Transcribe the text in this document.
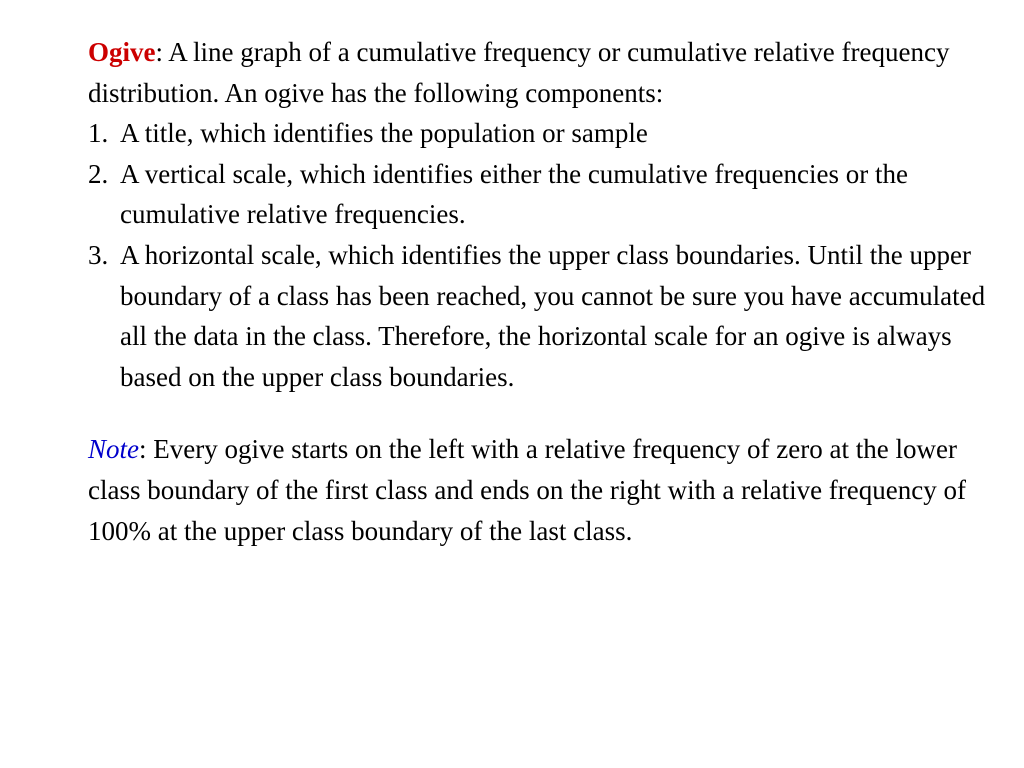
Ogive: A line graph of a cumulative frequency or cumulative relative frequency distribution. An ogive has the following components:
1. A title, which identifies the population or sample
2. A vertical scale, which identifies either the cumulative frequencies or the cumulative relative frequencies.
3. A horizontal scale, which identifies the upper class boundaries. Until the upper boundary of a class has been reached, you cannot be sure you have accumulated all the data in the class. Therefore, the horizontal scale for an ogive is always based on the upper class boundaries.
Note: Every ogive starts on the left with a relative frequency of zero at the lower class boundary of the first class and ends on the right with a relative frequency of 100% at the upper class boundary of the last class.
